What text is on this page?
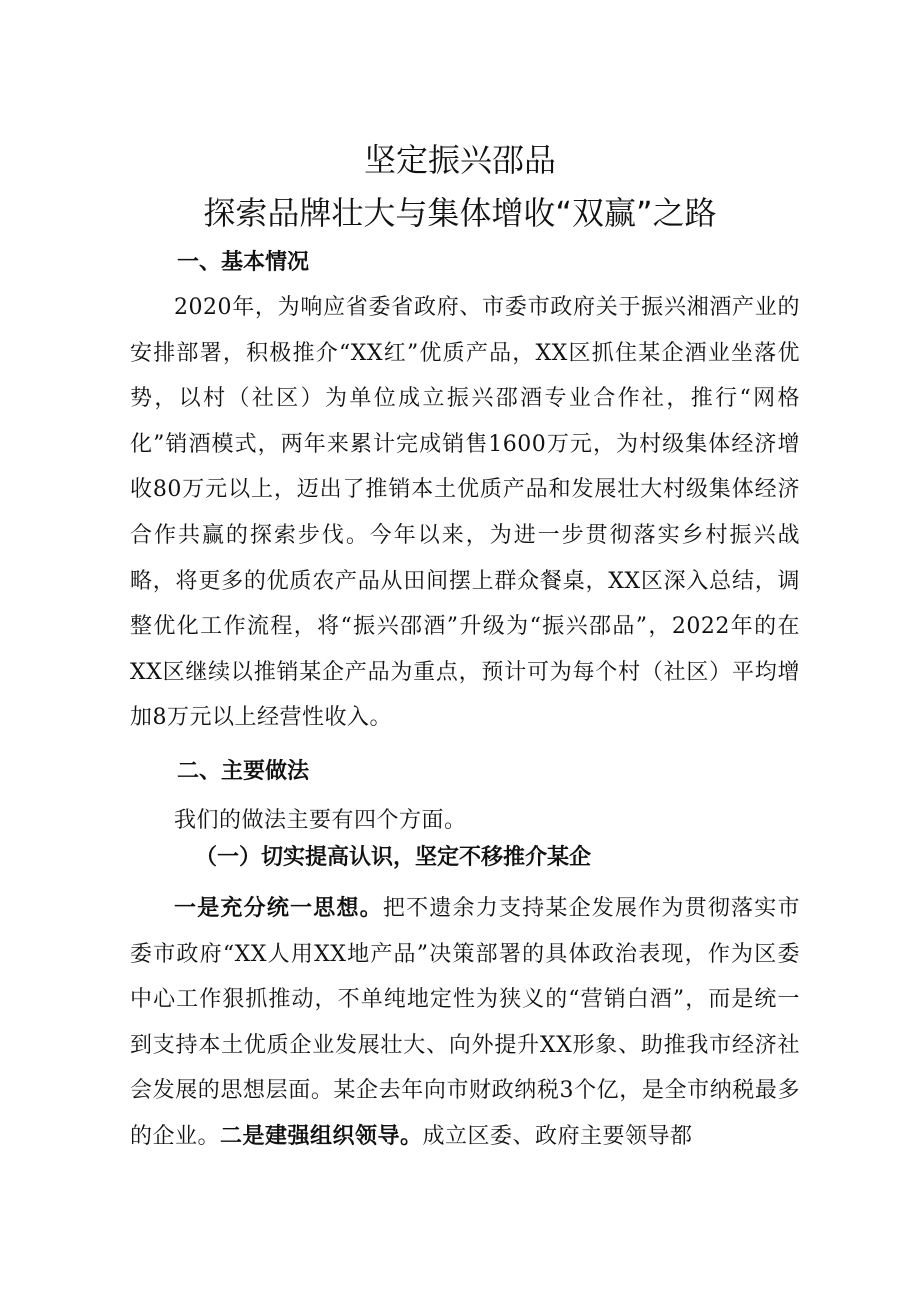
坚定振兴邵品
探索品牌壮大与集体增收“双赢”之路
一、基本情况

2020年，为响应省委省政府、市委市政府关于振兴湘酒产业的安排部署，积极推介“XX红”优质产品，XX区抓住某企酒业坐落优势，以村（社区）为单位成立振兴邵酒专业合作社，推行“网格化”销酒模式，两年来累计完成销售1600万元，为村级集体经济增收80万元以上，迈出了推销本土优质产品和发展壮大村级集体经济合作共赢的探索步伐。今年以来，为进一步贯彻落实乡村振兴战略，将更多的优质农产品从田间摆上群众餐桌，XX区深入总结，调整优化工作流程，将“振兴邵酒”升级为“振兴邵品”，2022年的在XX区继续以推销某企产品为重点，预计可为每个村（社区）平均增加8万元以上经营性收入。

二、主要做法

我们的做法主要有四个方面。

（一）切实提高认识，坚定不移推介某企

一是充分统一思想。把不遗余力支持某企发展作为贯彻落实市委市政府“XX人用XX地产品”决策部署的具体政治表现，作为区委中心工作狠抓推动，不单纯地定性为狭义的“营销白酒”，而是统一到支持本土优质企业发展壮大、向外提升XX形象、助推我市经济社会发展的思想层面。某企去年向市财政纳税3个亿，是全市纳税最多的企业。二是建强组织领导。成立区委、政府主要领导都
